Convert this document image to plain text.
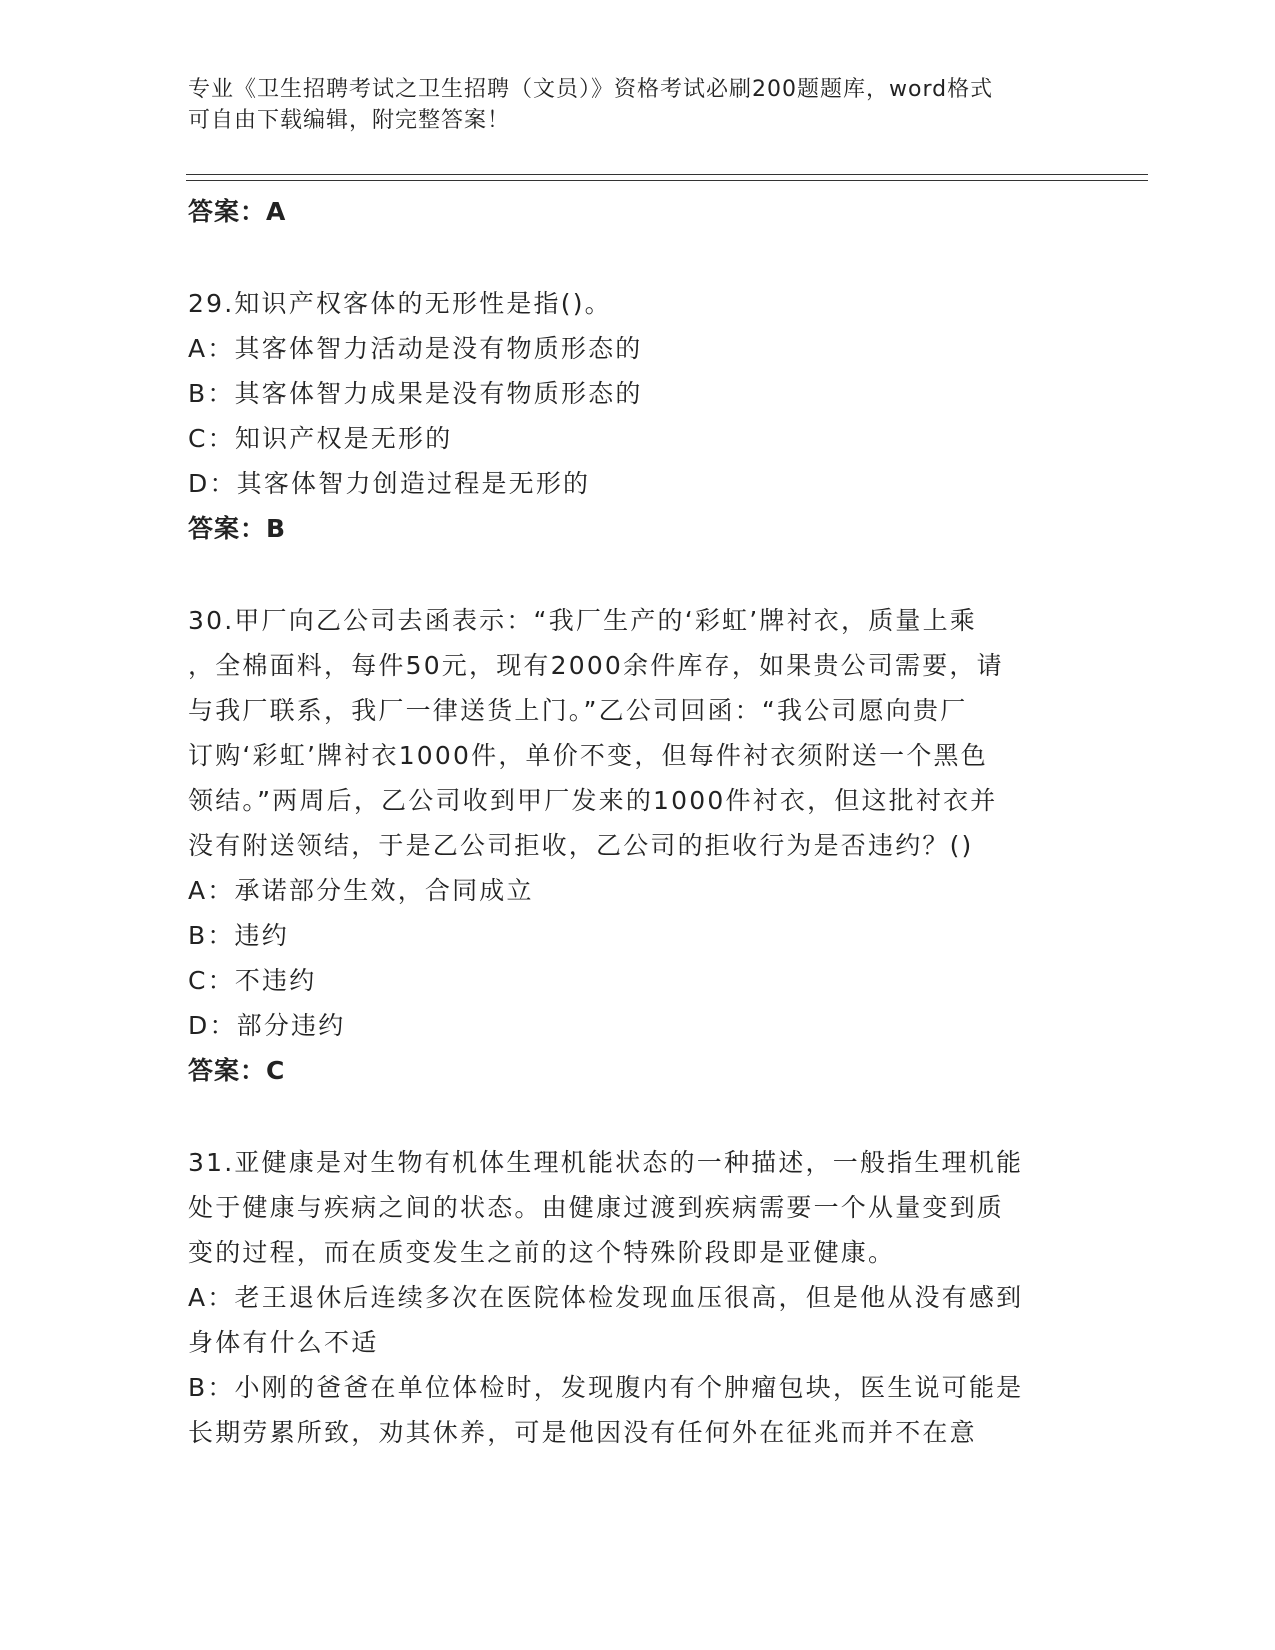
专业《卫生招聘考试之卫生招聘（文员）》资格考试必刷200题题库，word格式
可自由下载编辑，附完整答案！
答案：A
29.知识产权客体的无形性是指()。
A：其客体智力活动是没有物质形态的
B：其客体智力成果是没有物质形态的
C：知识产权是无形的
D：其客体智力创造过程是无形的
答案：B
30.甲厂向乙公司去函表示：“我厂生产的‘彩虹’牌衬衣，质量上乘
，全棉面料，每件50元，现有2000余件库存，如果贵公司需要，请
与我厂联系，我厂一律送货上门。”乙公司回函：“我公司愿向贵厂
订购‘彩虹’牌衬衣1000件，单价不变，但每件衬衣须附送一个黑色
领结。”两周后，乙公司收到甲厂发来的1000件衬衣，但这批衬衣并
没有附送领结，于是乙公司拒收，乙公司的拒收行为是否违约？()
A：承诺部分生效，合同成立
B：违约
C：不违约
D：部分违约
答案：C
31.亚健康是对生物有机体生理机能状态的一种描述，一般指生理机能
处于健康与疾病之间的状态。由健康过渡到疾病需要一个从量变到质
变的过程，而在质变发生之前的这个特殊阶段即是亚健康。
A：老王退休后连续多次在医院体检发现血压很高，但是他从没有感到
身体有什么不适
B：小刚的爸爸在单位体检时，发现腹内有个肿瘤包块，医生说可能是
长期劳累所致，劝其休养，可是他因没有任何外在征兆而并不在意
